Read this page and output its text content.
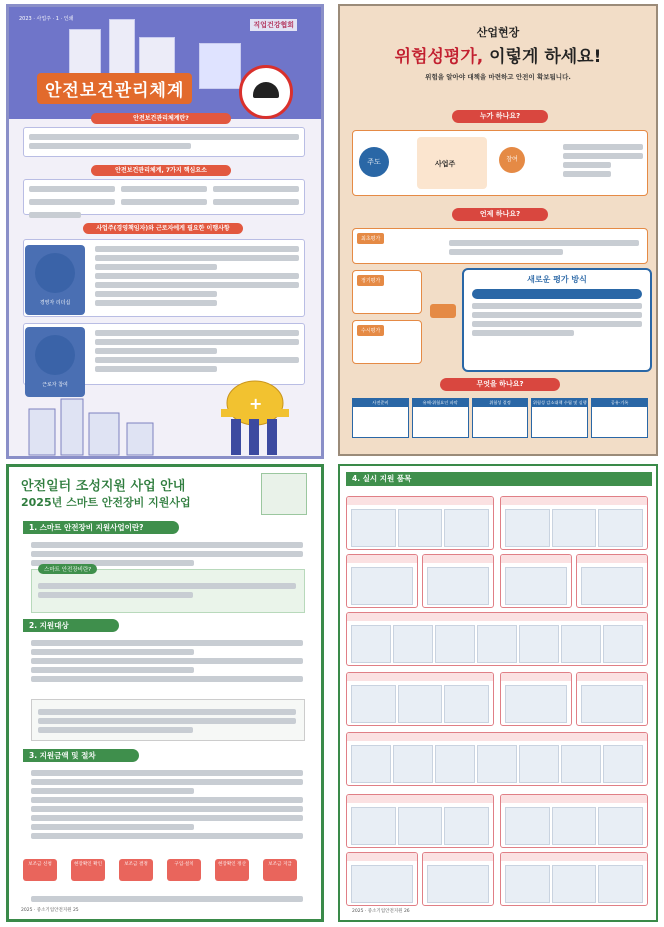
2023 · 사업주 · 1 · 인쇄
직업건강협회
안전보건관리체계
안전보건관리체계란?
안전보건관리체계, 7가지 핵심요소
사업주(경영책임자)와 근로자에게 필요한 이행사항
경영자 리더십
근로자 참여
+
산업현장
위험성평가, 이렇게 하세요!
위험을 알아야 대책을 마련하고 안전이 확보됩니다.
누가 하나요?
주도	사업주
참여
언제 하나요?
최초평가
정기평가
수시평가
새로운 평가 방식
무엇을 하나요?
사전준비	유해·위험요인 파악	위험성 결정	위험성 감소대책 수립 및 실행	공유·기록
안전일터 조성지원 사업 안내
2025년 스마트 안전장비 지원사업
1. 스마트 안전장비 지원사업이란?
스마트 안전장비란?
2. 지원대상
3. 지원금액 및 절차
보조금 신청	현장확인 확인	보조금 결정	구입·설치	현장확인 정산	보조금 지급
2025 · 중소기업안전지원 25
4. 실시 지원 품목
2025 · 중소기업안전지원 26
